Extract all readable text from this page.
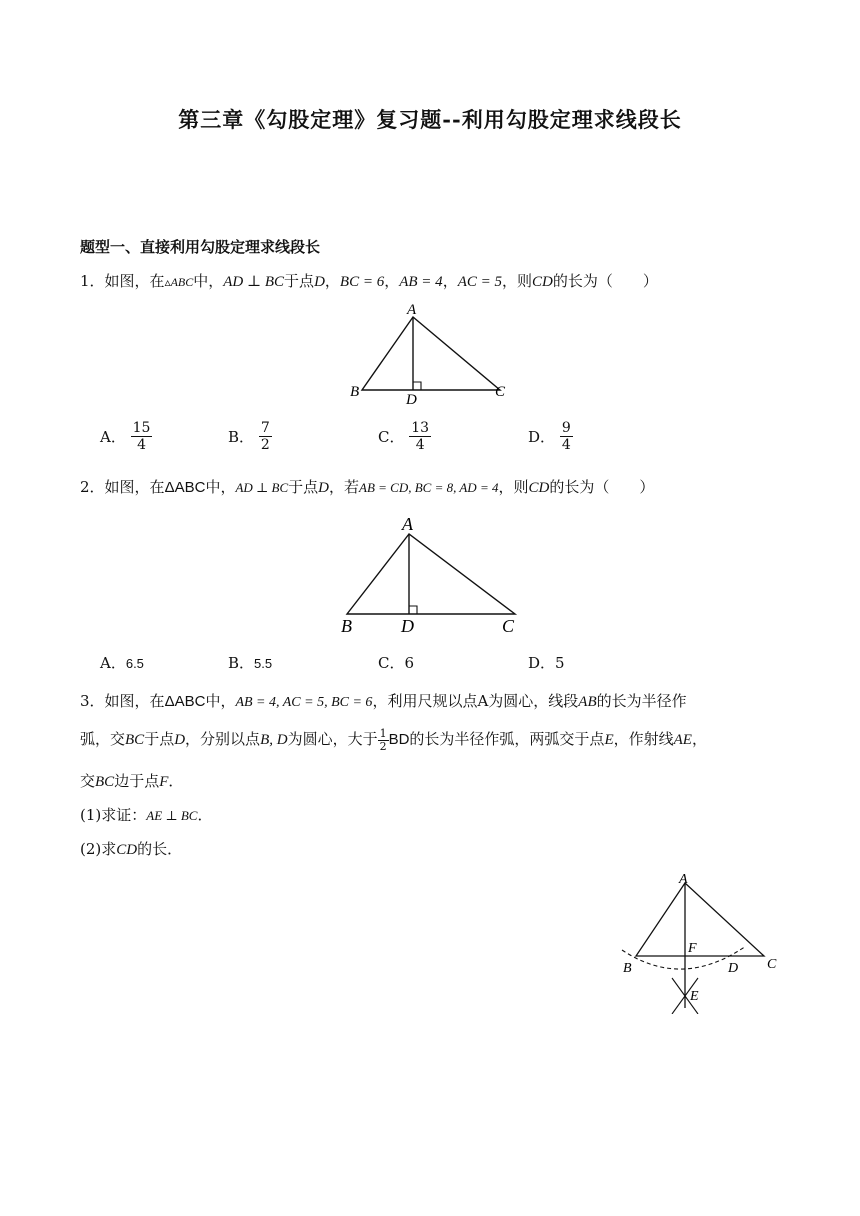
第三章《勾股定理》复习题--利用勾股定理求线段长
题型一、直接利用勾股定理求线段长
1．如图，在▵ABC中，AD ⊥ BC于点D，BC = 6，AB = 4，AC = 5，则CD的长为（　　）
A
B	D	C
A． $\frac{15}{4}$	B． $\frac{7}{2}$	C． $\frac{13}{4}$	D． $\frac{9}{4}$
2．如图，在ΔABC中，AD ⊥ BC于点D，若AB = CD, BC = 8, AD = 4，则CD的长为（　　）
A
B	D	C
A．6.5	B．5.5	C．6	D．5
3．如图，在ΔABC中，AB = 4, AC = 5, BC = 6，利用尺规以点A为圆心，线段AB的长为半径作
弧，交BC于点D，分别以点B, D为圆心，大于 $\frac{1}{2}$ BD的长为半径作弧，两弧交于点E，作射线AE，
交BC边于点F．
(1)求证：AE ⊥ BC．
(2)求CD的长．
A
B
F
D C
E
